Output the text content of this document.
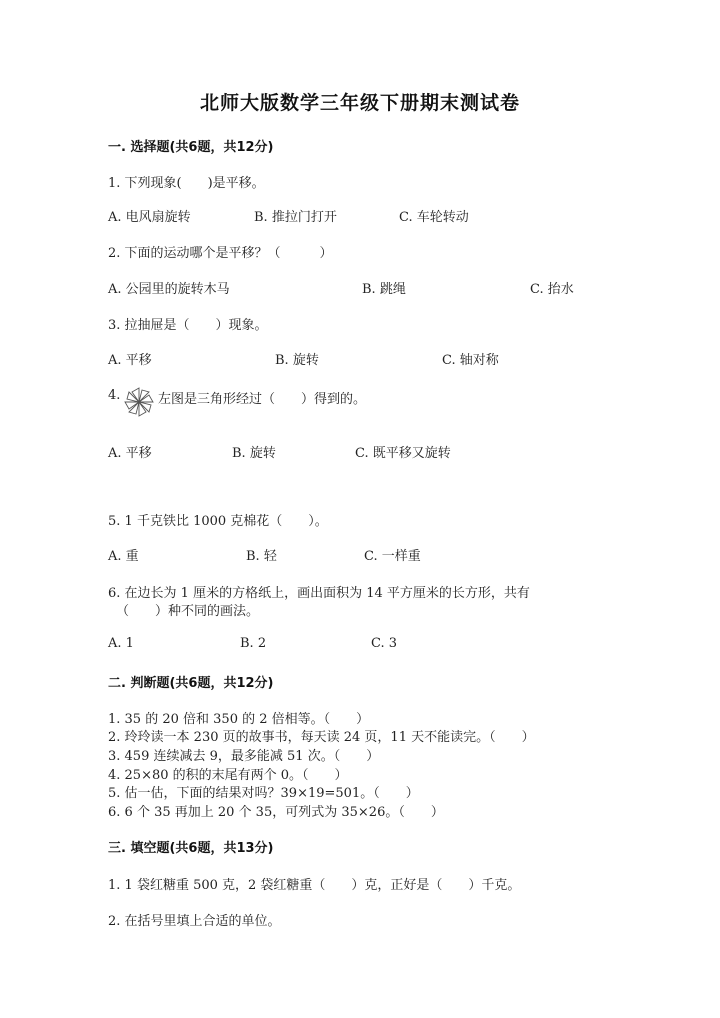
北师大版数学三年级下册期末测试卷
一. 选择题(共6题，共12分)
1. 下列现象(　　)是平移。
A. 电风扇旋转	B. 推拉门打开	C. 车轮转动
2. 下面的运动哪个是平移？（　　　）
A. 公园里的旋转木马	B. 跳绳	C. 抬水
3. 拉抽屉是（　　）现象。
A. 平移	B. 旋转	C. 轴对称
4.	左图是三角形经过（　　）得到的。
A. 平移	B. 旋转	C. 既平移又旋转
5. 1 千克铁比 1000 克棉花（　　）。
A. 重	B. 轻	C. 一样重
6. 在边长为 1 厘米的方格纸上，画出面积为 14 平方厘米的长方形，共有
（　　）种不同的画法。
A. 1	B. 2	C. 3
二. 判断题(共6题，共12分)
1. 35 的 20 倍和 350 的 2 倍相等。（　　）
2. 玲玲读一本 230 页的故事书，每天读 24 页，11 天不能读完。（　　）
3. 459 连续减去 9，最多能减 51 次。（　　）
4. 25×80 的积的末尾有两个 0。（　　）
5. 估一估，下面的结果对吗？39×19=501。（　　）
6. 6 个 35 再加上 20 个 35，可列式为 35×26。（　　）
三. 填空题(共6题，共13分)
1. 1 袋红糖重 500 克，2 袋红糖重（　　）克，正好是（　　）千克。
2. 在括号里填上合适的单位。
